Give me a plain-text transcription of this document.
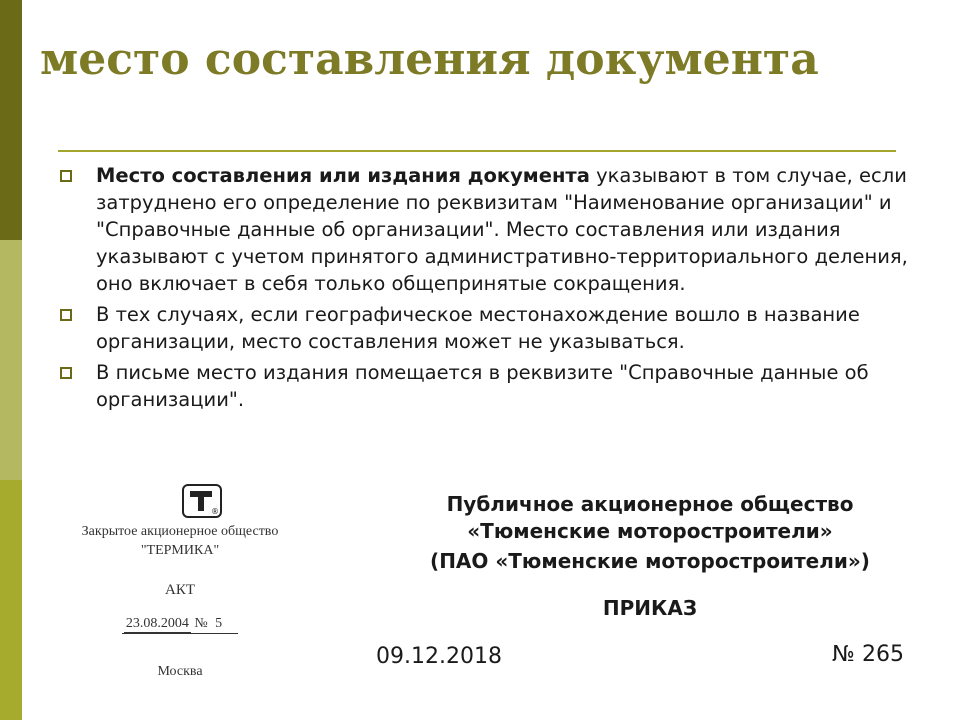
место составления документа
Место составления или издания документа указывают в том случае, если затруднено его определение по реквизитам "Наименование организации" и "Справочные данные об организации". Место составления или издания указывают с учетом принятого административно-территориального деления, оно включает в себя только общепринятые сокращения.
В тех случаях, если географическое местонахождение вошло в название организации, место составления может не указываться.
В письме место издания помещается в реквизите "Справочные данные об организации".
®
Закрытое акционерное общество
"ТЕРМИКА"
АКТ
23.08.2004 № 5
Москва
Публичное акционерное общество
«Тюменские моторостроители»
(ПАО «Тюменские моторостроители»)
ПРИКАЗ
09.12.2018	№ 265
